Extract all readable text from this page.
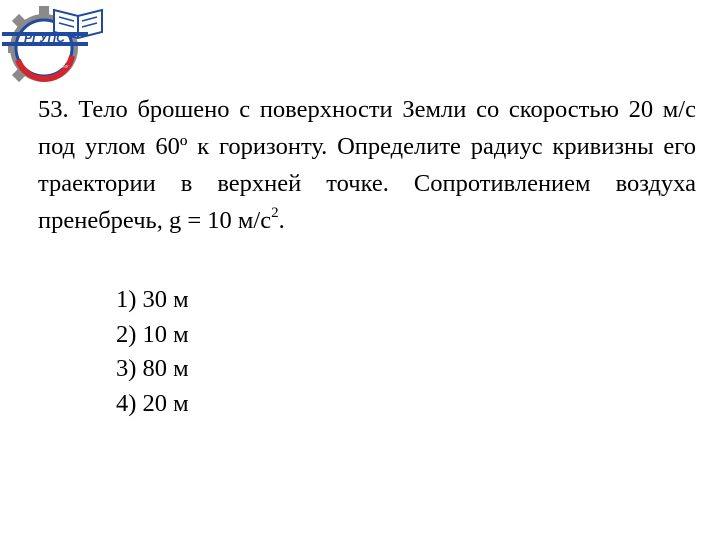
РГУПС
РОСТОВ-НА-ДОНУ

53. Тело брошено с поверхности Земли со скоростью 20 м/с под углом 60º к горизонту. Определите радиус кривизны его траектории в верхней точке. Сопротивлением воздуха пренебречь, g = 10 $м/с^2$.

1) 30 м
2) 10 м
3) 80 м
4) 20 м
